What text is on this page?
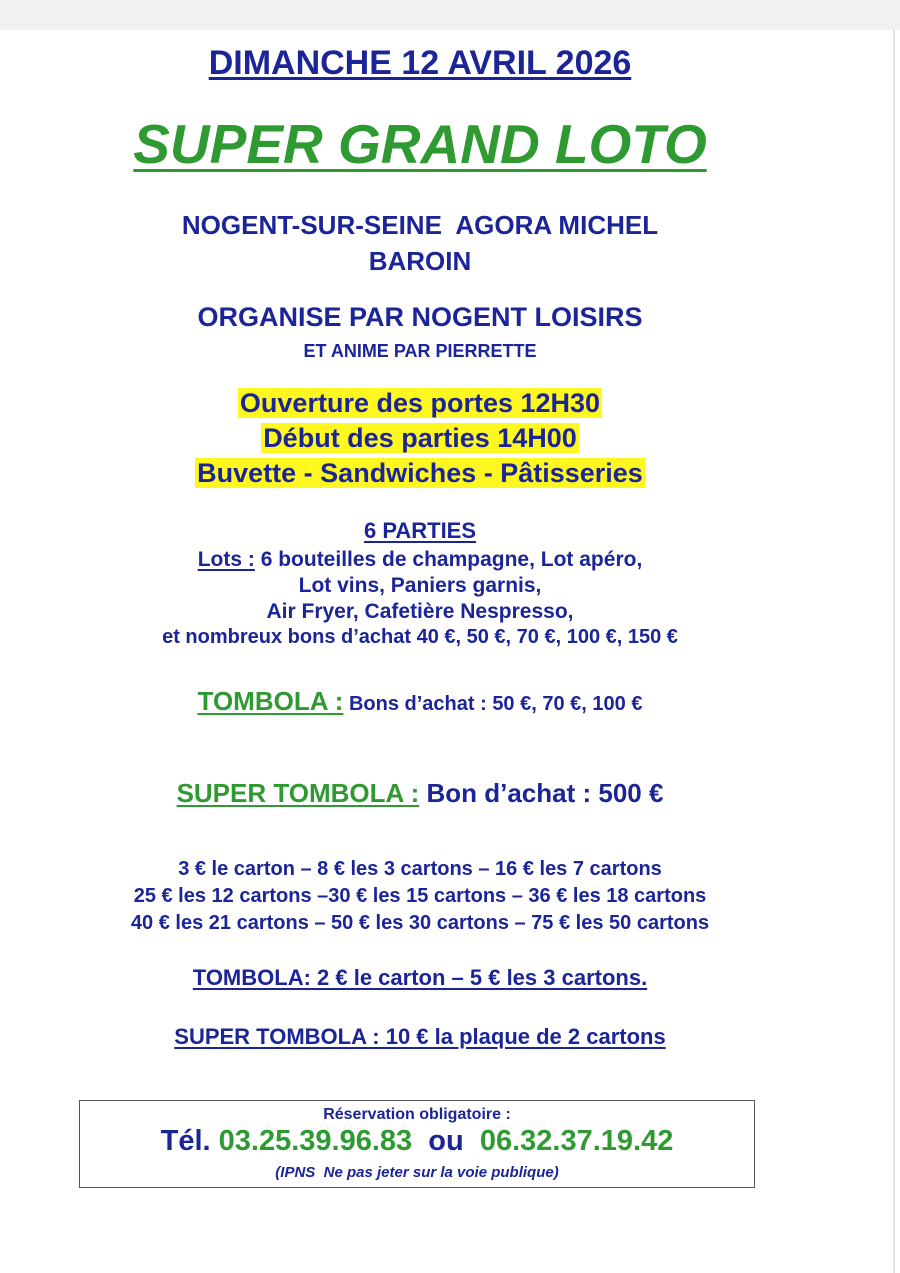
DIMANCHE 12 AVRIL 2026
SUPER GRAND LOTO
NOGENT-SUR-SEINE  AGORA MICHEL
BAROIN
ORGANISE PAR NOGENT LOISIRS
ET ANIME PAR PIERRETTE
Ouverture des portes 12H30
Début des parties 14H00
Buvette - Sandwiches - Pâtisseries
6 PARTIES
Lots : 6 bouteilles de champagne, Lot apéro,
Lot vins, Paniers garnis,
Air Fryer, Cafetière Nespresso,
et nombreux bons d’achat 40 €, 50 €, 70 €, 100 €, 150 €
TOMBOLA : Bons d’achat : 50 €, 70 €, 100 €
SUPER TOMBOLA : Bon d’achat : 500 €
3 € le carton – 8 € les 3 cartons – 16 € les 7 cartons
25 € les 12 cartons –30 € les 15 cartons – 36 € les 18 cartons
40 € les 21 cartons – 50 € les 30 cartons – 75 € les 50 cartons
TOMBOLA: 2 € le carton – 5 € les 3 cartons.
SUPER TOMBOLA : 10 € la plaque de 2 cartons
Réservation obligatoire :
Tél. 03.25.39.96.83 ou 06.32.37.19.42
(IPNS  Ne pas jeter sur la voie publique)
